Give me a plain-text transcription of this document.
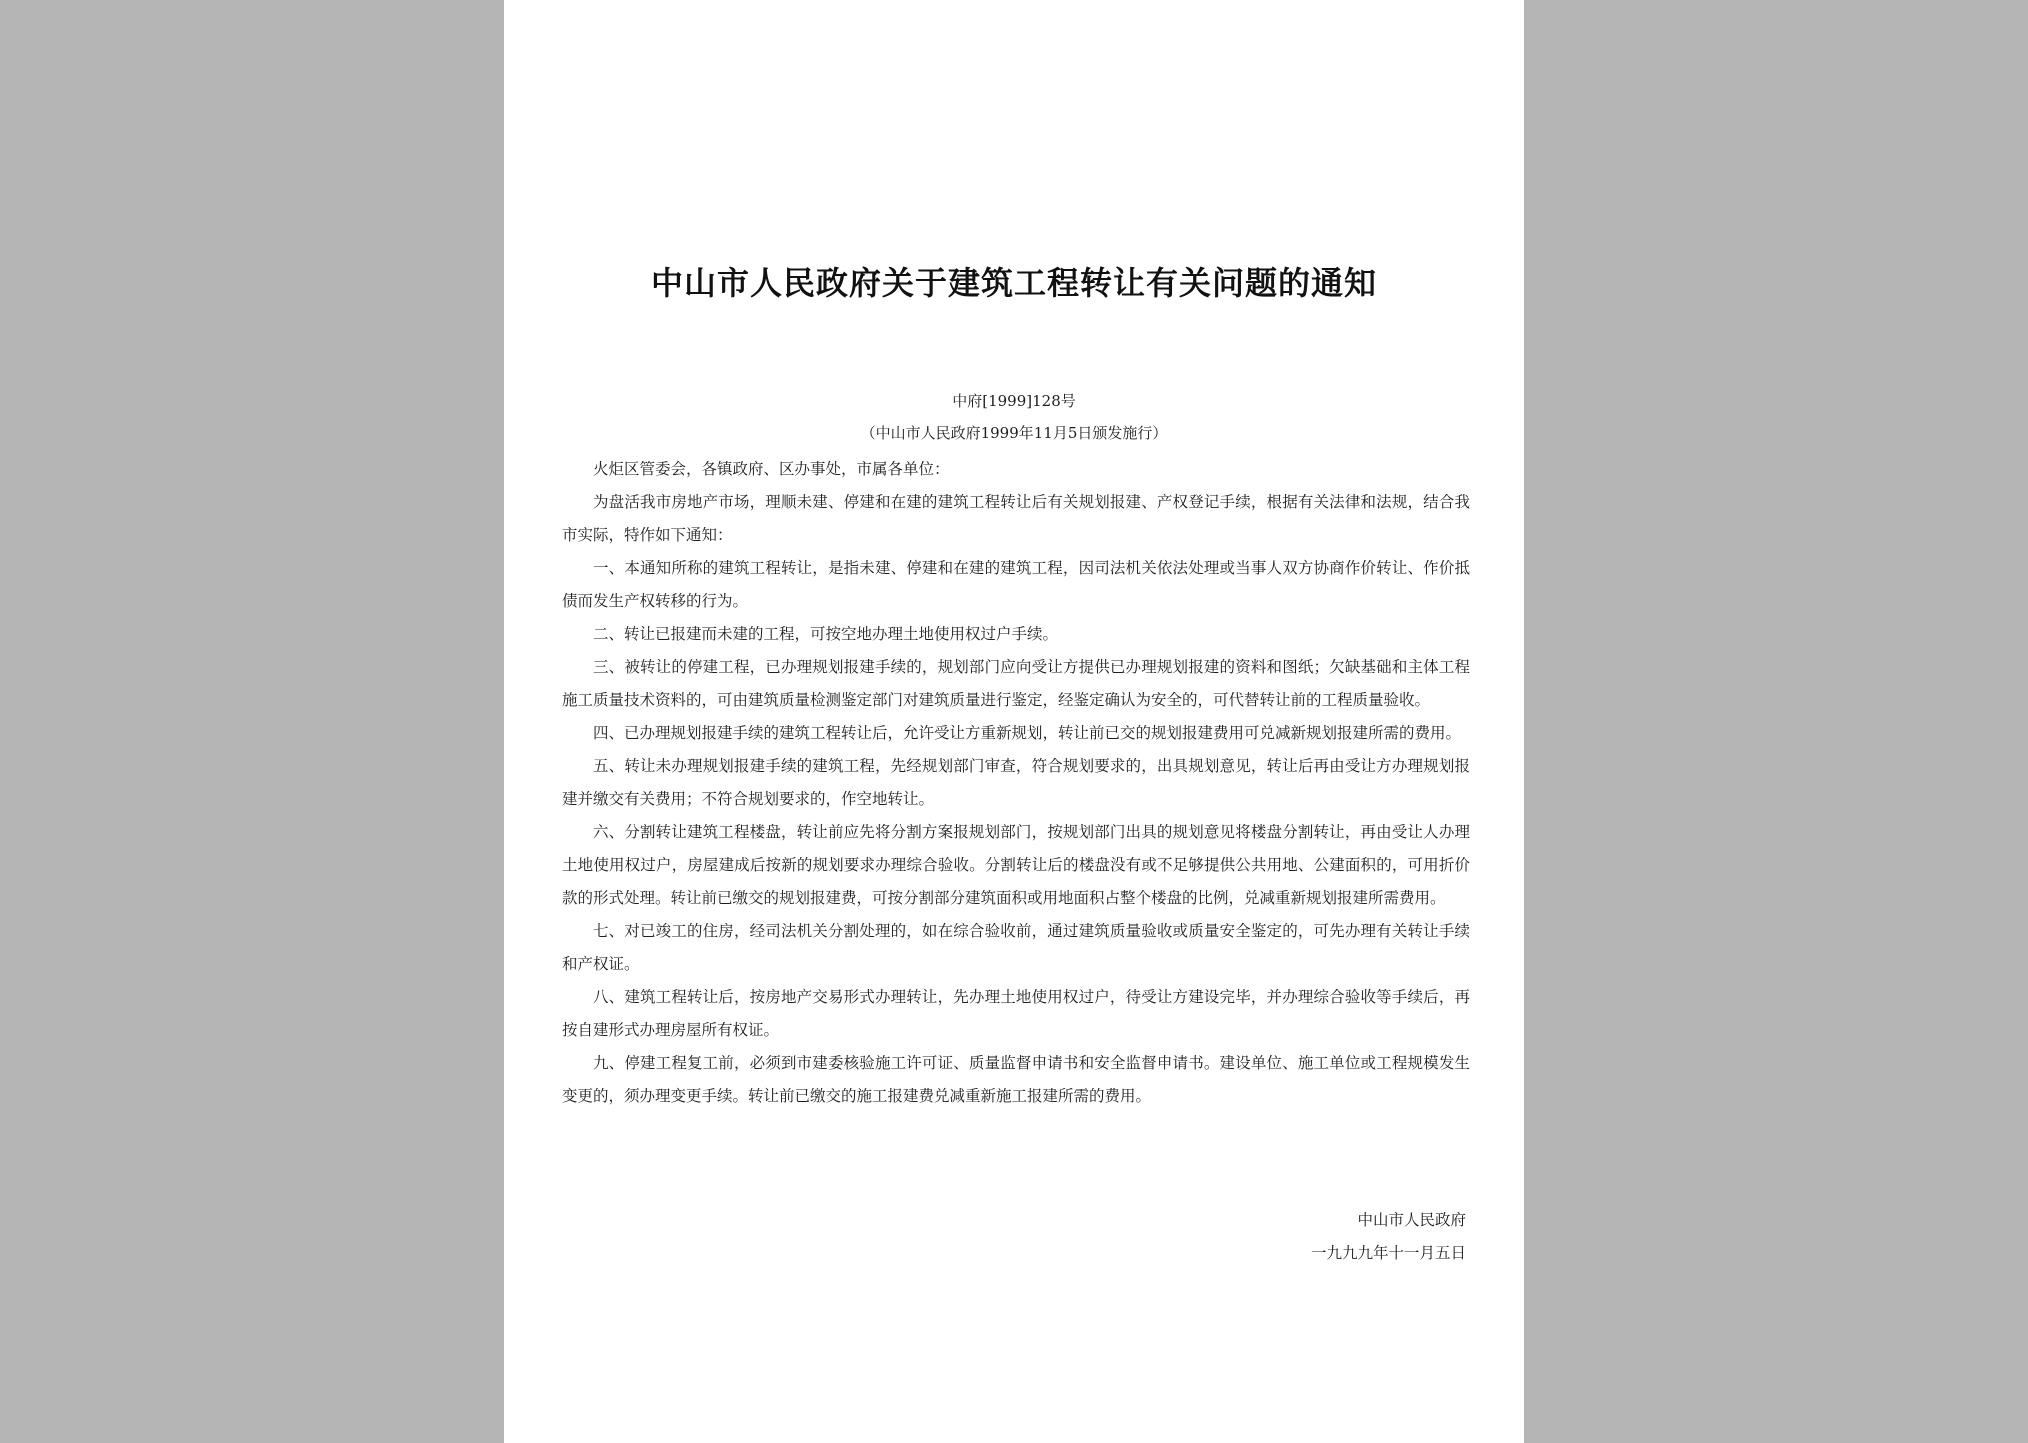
中山市人民政府关于建筑工程转让有关问题的通知
中府[1999]128号
（中山市人民政府1999年11月5日颁发施行）

火炬区管委会，各镇政府、区办事处，市属各单位：

为盘活我市房地产市场，理顺未建、停建和在建的建筑工程转让后有关规划报建、产权登记手续，根据有关法律和法规，结合我市实际，特作如下通知：

一、本通知所称的建筑工程转让，是指未建、停建和在建的建筑工程，因司法机关依法处理或当事人双方协商作价转让、作价抵债而发生产权转移的行为。

二、转让已报建而未建的工程，可按空地办理土地使用权过户手续。

三、被转让的停建工程，已办理规划报建手续的，规划部门应向受让方提供已办理规划报建的资料和图纸；欠缺基础和主体工程施工质量技术资料的，可由建筑质量检测鉴定部门对建筑质量进行鉴定，经鉴定确认为安全的，可代替转让前的工程质量验收。

四、已办理规划报建手续的建筑工程转让后，允许受让方重新规划，转让前已交的规划报建费用可兑减新规划报建所需的费用。

五、转让未办理规划报建手续的建筑工程，先经规划部门审查，符合规划要求的，出具规划意见，转让后再由受让方办理规划报建并缴交有关费用；不符合规划要求的，作空地转让。

六、分割转让建筑工程楼盘，转让前应先将分割方案报规划部门，按规划部门出具的规划意见将楼盘分割转让，再由受让人办理土地使用权过户，房屋建成后按新的规划要求办理综合验收。分割转让后的楼盘没有或不足够提供公共用地、公建面积的，可用折价款的形式处理。转让前已缴交的规划报建费，可按分割部分建筑面积或用地面积占整个楼盘的比例，兑减重新规划报建所需费用。

七、对已竣工的住房，经司法机关分割处理的，如在综合验收前，通过建筑质量验收或质量安全鉴定的，可先办理有关转让手续和产权证。

八、建筑工程转让后，按房地产交易形式办理转让，先办理土地使用权过户，待受让方建设完毕，并办理综合验收等手续后，再按自建形式办理房屋所有权证。

九、停建工程复工前，必须到市建委核验施工许可证、质量监督申请书和安全监督申请书。建设单位、施工单位或工程规模发生变更的，须办理变更手续。转让前已缴交的施工报建费兑减重新施工报建所需的费用。

中山市人民政府
一九九九年十一月五日
